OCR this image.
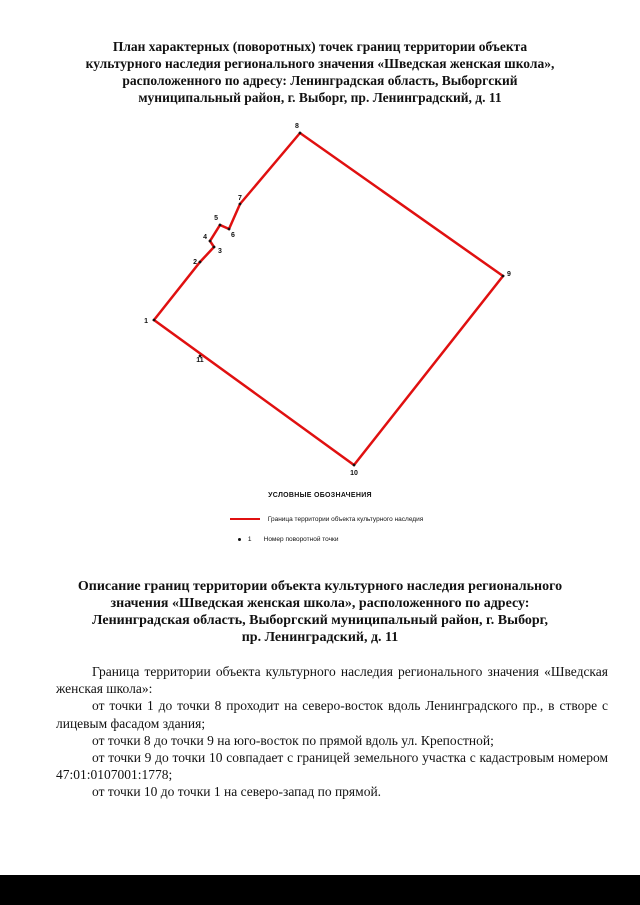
План характерных (поворотных) точек границ территории объекта
культурного наследия регионального значения «Шведская женская школа»,
расположенного по адресу: Ленинградская область, Выборгский
муниципальный район, г. Выборг, пр. Ленинградский, д. 11
1
2
3
4
5
6
7
8
9
10
11
УСЛОВНЫЕ ОБОЗНАЧЕНИЯ
Граница территории объекта культурного наследия
1 Номер поворотной точки
Описание границ территории объекта культурного наследия регионального
значения «Шведская женская школа», расположенного по адресу:
Ленинградская область, Выборгский муниципальный район, г. Выборг,
пр. Ленинградский, д. 11

Граница территории объекта культурного наследия регионального значения «Шведская женская школа»:

от точки 1 до точки 8 проходит на северо-восток вдоль Ленинградского пр., в створе с лицевым фасадом здания;

от точки 8 до точки 9 на юго-восток по прямой вдоль ул. Крепостной;

от точки 9 до точки 10 совпадает с границей земельного участка с кадастровым номером 47:01:0107001:1778;

от точки 10 до точки 1 на северо-запад по прямой.
